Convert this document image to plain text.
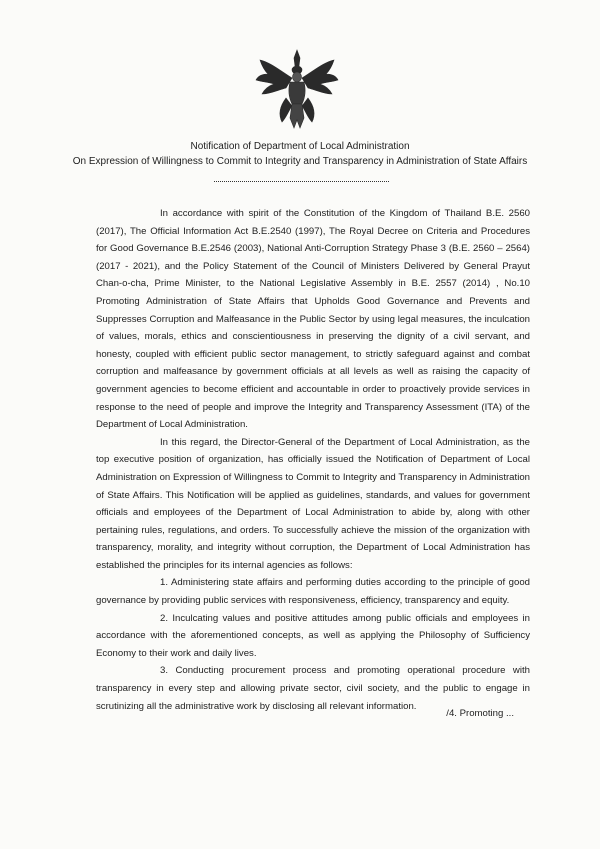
Notification of Department of Local Administration
On Expression of Willingness to Commit to Integrity and Transparency in Administration of State Affairs

In accordance with spirit of the Constitution of the Kingdom of Thailand B.E. 2560 (2017), The Official Information Act B.E.2540 (1997), The Royal Decree on Criteria and Procedures for Good Governance B.E.2546 (2003), National Anti-Corruption Strategy Phase 3 (B.E. 2560 – 2564) (2017 - 2021), and the Policy Statement of the Council of Ministers Delivered by General Prayut Chan-o-cha, Prime Minister, to the National Legislative Assembly in B.E. 2557 (2014) , No.10 Promoting Administration of State Affairs that Upholds Good Governance and Prevents and Suppresses Corruption and Malfeasance in the Public Sector by using legal measures, the inculcation of values, morals, ethics and conscientiousness in preserving the dignity of a civil servant, and honesty, coupled with efficient public sector management, to strictly safeguard against and combat corruption and malfeasance by government officials at all levels as well as raising the capacity of government agencies to become efficient and accountable in order to proactively provide services in response to the need of people and improve the Integrity and Transparency Assessment (ITA) of the Department of Local Administration.

In this regard, the Director-General of the Department of Local Administration, as the top executive position of organization, has officially issued the Notification of Department of Local Administration on Expression of Willingness to Commit to Integrity and Transparency in Administration of State Affairs. This Notification will be applied as guidelines, standards, and values for government officials and employees of the Department of Local Administration to abide by, along with other pertaining rules, regulations, and orders. To successfully achieve the mission of the organization with transparency, morality, and integrity without corruption, the Department of Local Administration has established the principles for its internal agencies as follows:

1. Administering state affairs and performing duties according to the principle of good governance by providing public services with responsiveness, efficiency, transparency and equity.

2. Inculcating values and positive attitudes among public officials and employees in accordance with the aforementioned concepts, as well as applying the Philosophy of Sufficiency Economy to their work and daily lives.

3. Conducting procurement process and promoting operational procedure with transparency in every step and allowing private sector, civil society, and the public to engage in scrutinizing all the administrative work by disclosing all relevant information.

/4. Promoting ...
